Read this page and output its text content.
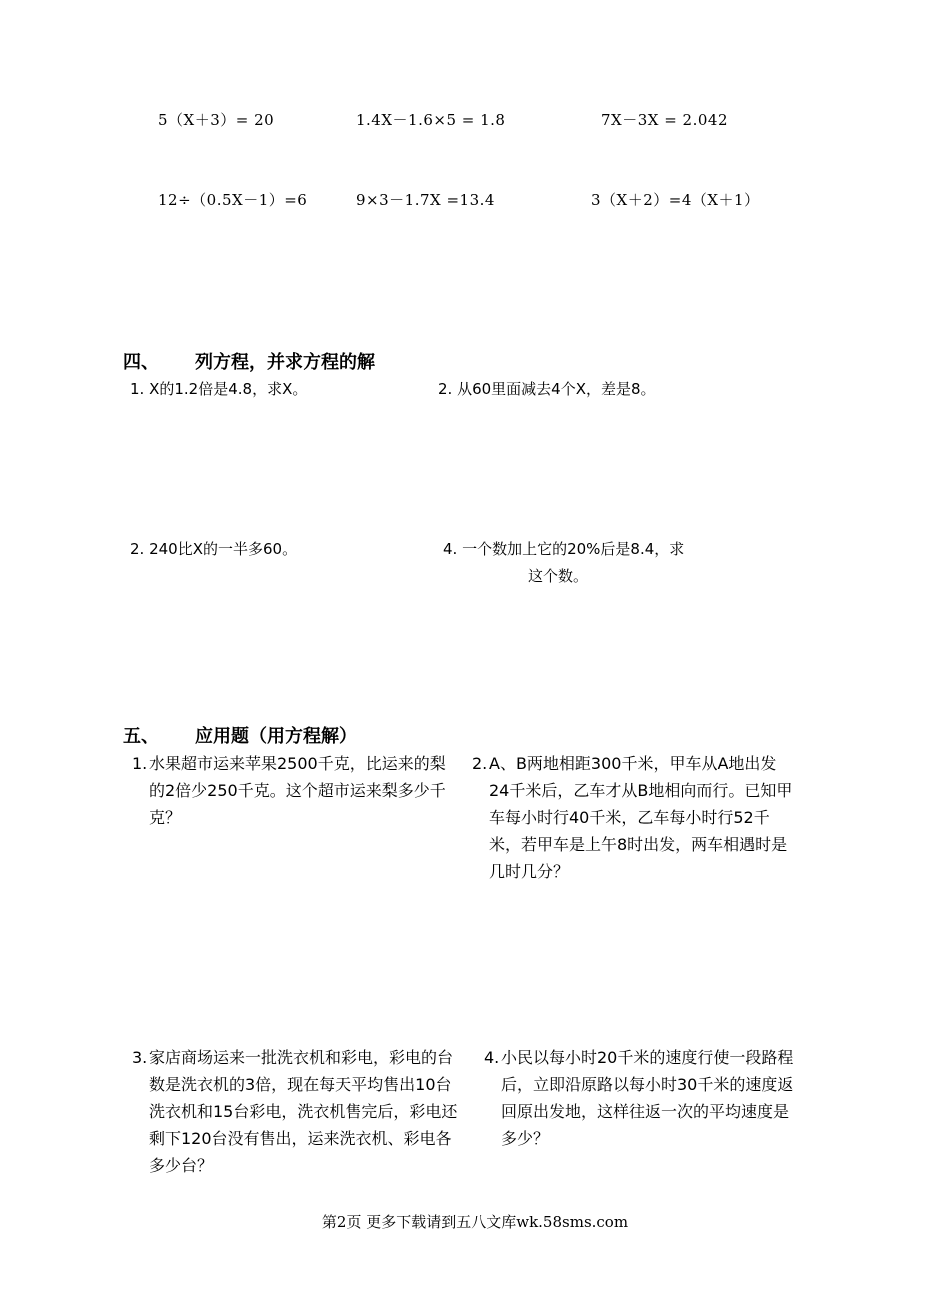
5（X＋3）= 20	1.4X－1.6×5 = 1.8	7X－3X = 2.042
12÷（0.5X－1）=6	9×3－1.7X =13.4	3（X＋2）=4（X＋1）
四、 列方程，并求方程的解
1. X的1.2倍是4.8，求X。	2. 从60里面减去4个X，差是8。
2. 240比X的一半多60。	4. 一个数加上它的20%后是8.4，求
这个数。
五、 应用题（用方程解）
1. 水果超市运来苹果2500千克，比运来的梨的2倍少250千克。这个超市运来梨多少千克？
2. A、B两地相距300千米，甲车从A地出发24千米后，乙车才从B地相向而行。已知甲车每小时行40千米，乙车每小时行52千米，若甲车是上午8时出发，两车相遇时是几时几分？
3. 家店商场运来一批洗衣机和彩电，彩电的台数是洗衣机的3倍，现在每天平均售出10台洗衣机和15台彩电，洗衣机售完后，彩电还剩下120台没有售出，运来洗衣机、彩电各多少台？
4. 小民以每小时20千米的速度行使一段路程后，立即沿原路以每小时30千米的速度返回原出发地，这样往返一次的平均速度是多少？
第2页 更多下载请到五八文库wk.58sms.com
